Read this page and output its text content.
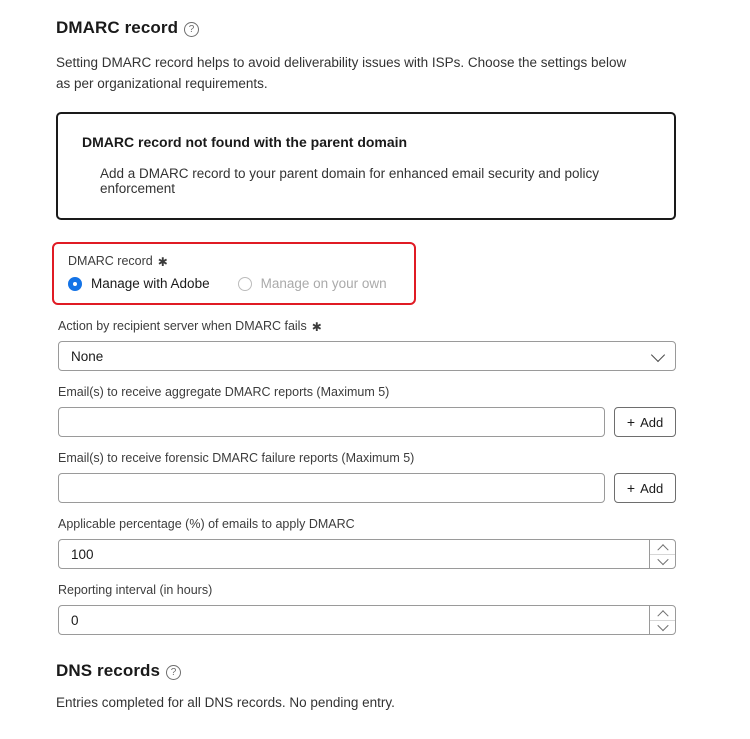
DMARC record	?

Setting DMARC record helps to avoid deliverability issues with ISPs. Choose the settings below as per organizational requirements.

DMARC record not found with the parent domain

Add a DMARC record to your parent domain for enhanced email security and policy enforcement

DMARC record ✱
Manage with Adobe	Manage on your own
Action by recipient server when DMARC fails ✱
None
Email(s) to receive aggregate DMARC reports (Maximum 5)
+ Add
Email(s) to receive forensic DMARC failure reports (Maximum 5)
+ Add
Applicable percentage (%) of emails to apply DMARC
100
Reporting interval (in hours)
0
DNS records	?

Entries completed for all DNS records. No pending entry.
